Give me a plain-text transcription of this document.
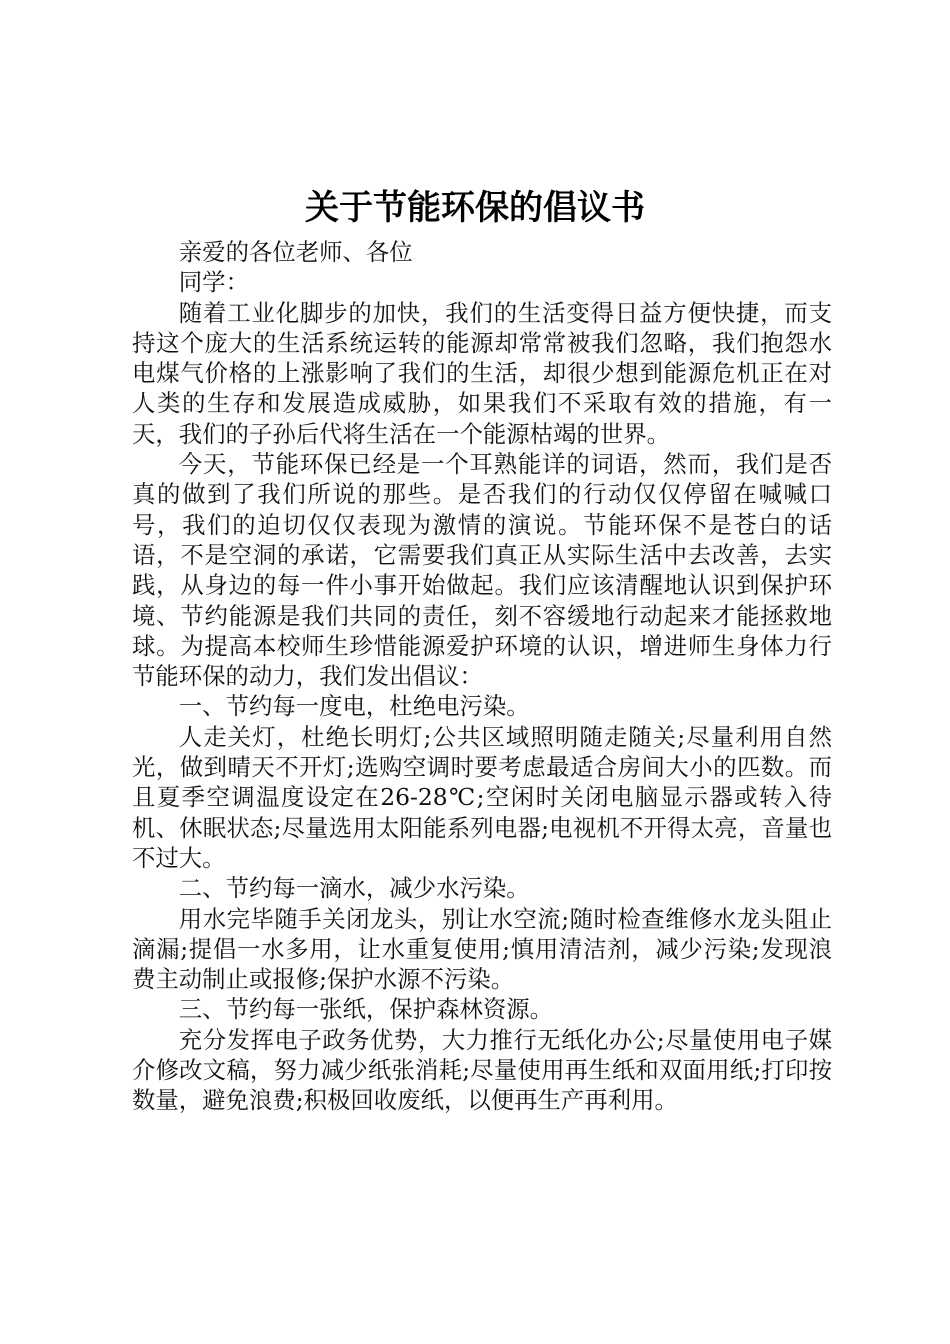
关于节能环保的倡议书

亲爱的各位老师、各位

同学：

随着工业化脚步的加快，我们的生活变得日益方便快捷，而支持这个庞大的生活系统运转的能源却常常被我们忽略，我们抱怨水电煤气价格的上涨影响了我们的生活，却很少想到能源危机正在对人类的生存和发展造成威胁，如果我们不采取有效的措施，有一天，我们的子孙后代将生活在一个能源枯竭的世界。

今天，节能环保已经是一个耳熟能详的词语，然而，我们是否真的做到了我们所说的那些。是否我们的行动仅仅停留在喊喊口号，我们的迫切仅仅表现为激情的演说。节能环保不是苍白的话语，不是空洞的承诺，它需要我们真正从实际生活中去改善，去实践，从身边的每一件小事开始做起。我们应该清醒地认识到保护环境、节约能源是我们共同的责任，刻不容缓地行动起来才能拯救地球。为提高本校师生珍惜能源爱护环境的认识，增进师生身体力行节能环保的动力，我们发出倡议：

一、节约每一度电，杜绝电污染。

人走关灯，杜绝长明灯;公共区域照明随走随关;尽量利用自然光，做到晴天不开灯;选购空调时要考虑最适合房间大小的匹数。而且夏季空调温度设定在26-28℃;空闲时关闭电脑显示器或转入待机、休眠状态;尽量选用太阳能系列电器;电视机不开得太亮，音量也不过大。

二、节约每一滴水，减少水污染。

用水完毕随手关闭龙头，别让水空流;随时检查维修水龙头阻止滴漏;提倡一水多用，让水重复使用;慎用清洁剂，减少污染;发现浪费主动制止或报修;保护水源不污染。

三、节约每一张纸，保护森林资源。

充分发挥电子政务优势，大力推行无纸化办公;尽量使用电子媒介修改文稿，努力减少纸张消耗;尽量使用再生纸和双面用纸;打印按数量，避免浪费;积极回收废纸，以便再生产再利用。
